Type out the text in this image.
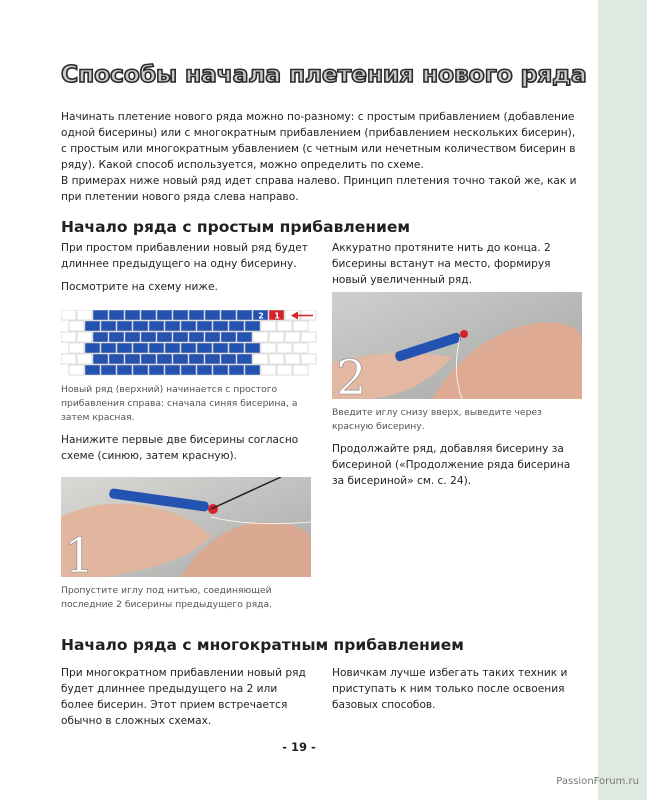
Способы начала плетения нового ряда

Начинать плетение нового ряда можно по-разному: с простым прибавлением (добавление одной бисерины) или с многократным прибавлением (прибавлением нескольких бисерин), с простым или многократным убавлением (с четным или нечетным количеством бисерин в ряду). Какой способ используется, можно определить по схеме.

В примерах ниже новый ряд идет справа налево. Принцип плетения точно такой же, как и при плетении нового ряда слева направо.

Начало ряда с простым прибавлением

При простом прибавлении новый ряд будет длиннее предыдущего на одну бисерину.

Посмотрите на схему ниже.

2 1

Новый ряд (верхний) начинается с простого прибавления справа: сначала синяя бисерина, а затем красная.

Нанижите первые две бисерины согласно схеме (синюю, затем красную).

1

Пропустите иглу под нитью, соединяющей последние 2 бисерины предыдущего ряда.

Аккуратно протяните нить до конца. 2 бисерины встанут на место, формируя новый увеличенный ряд.

2

Введите иглу снизу вверх, выведите через красную бисерину.

Продолжайте ряд, добавляя бисерину за бисериной («Продолжение ряда бисерина за бисериной» см. с. 24).

Начало ряда с многократным прибавлением

При многократном прибавлении новый ряд будет длиннее предыдущего на 2 или более бисерин. Этот прием встречается обычно в сложных схемах.

Новичкам лучше избегать таких техник и приступать к ним только после освоения базовых способов.

- 19 -
PassionForum.ru
